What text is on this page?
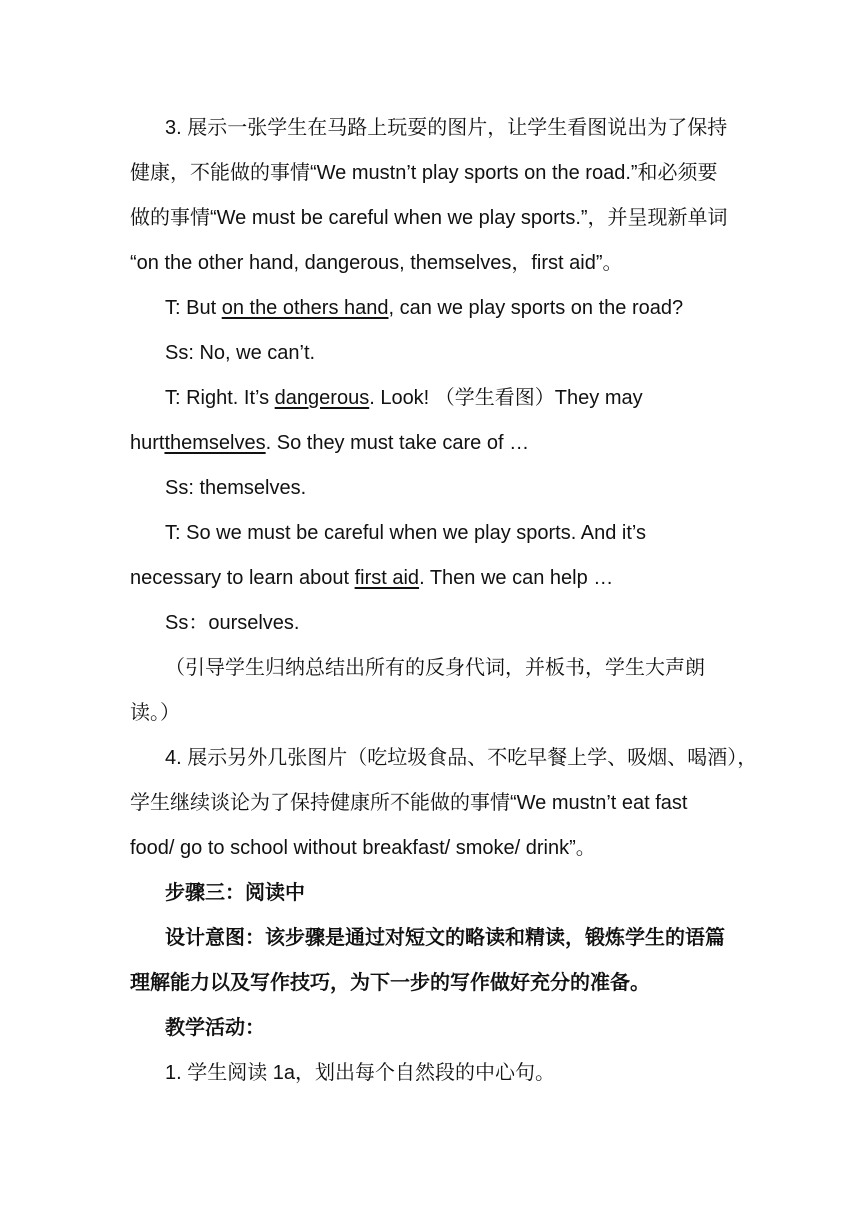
3. 展示一张学生在马路上玩耍的图片，让学生看图说出为了保持
健康，不能做的事情“We mustn’t play sports on the road.”和必须要
做的事情“We must be careful when we play sports.”，并呈现新单词
“on the other hand, dangerous, themselves，first aid”。
T: But on the others hand, can we play sports on the road?
Ss: No, we can’t.
T: Right. It’s dangerous. Look! （学生看图）They may
hurtthemselves. So they must take care of …
Ss: themselves.
T: So we must be careful when we play sports. And it’s
necessary to learn about first aid. Then we can help …
Ss：ourselves.
（引导学生归纳总结出所有的反身代词，并板书，学生大声朗
读。）
4. 展示另外几张图片（吃垃圾食品、不吃早餐上学、吸烟、喝酒），
学生继续谈论为了保持健康所不能做的事情“We mustn’t eat fast
food/ go to school without breakfast/ smoke/ drink”。
步骤三：阅读中
设计意图：该步骤是通过对短文的略读和精读，锻炼学生的语篇
理解能力以及写作技巧，为下一步的写作做好充分的准备。
教学活动：
1. 学生阅读 1a，划出每个自然段的中心句。
